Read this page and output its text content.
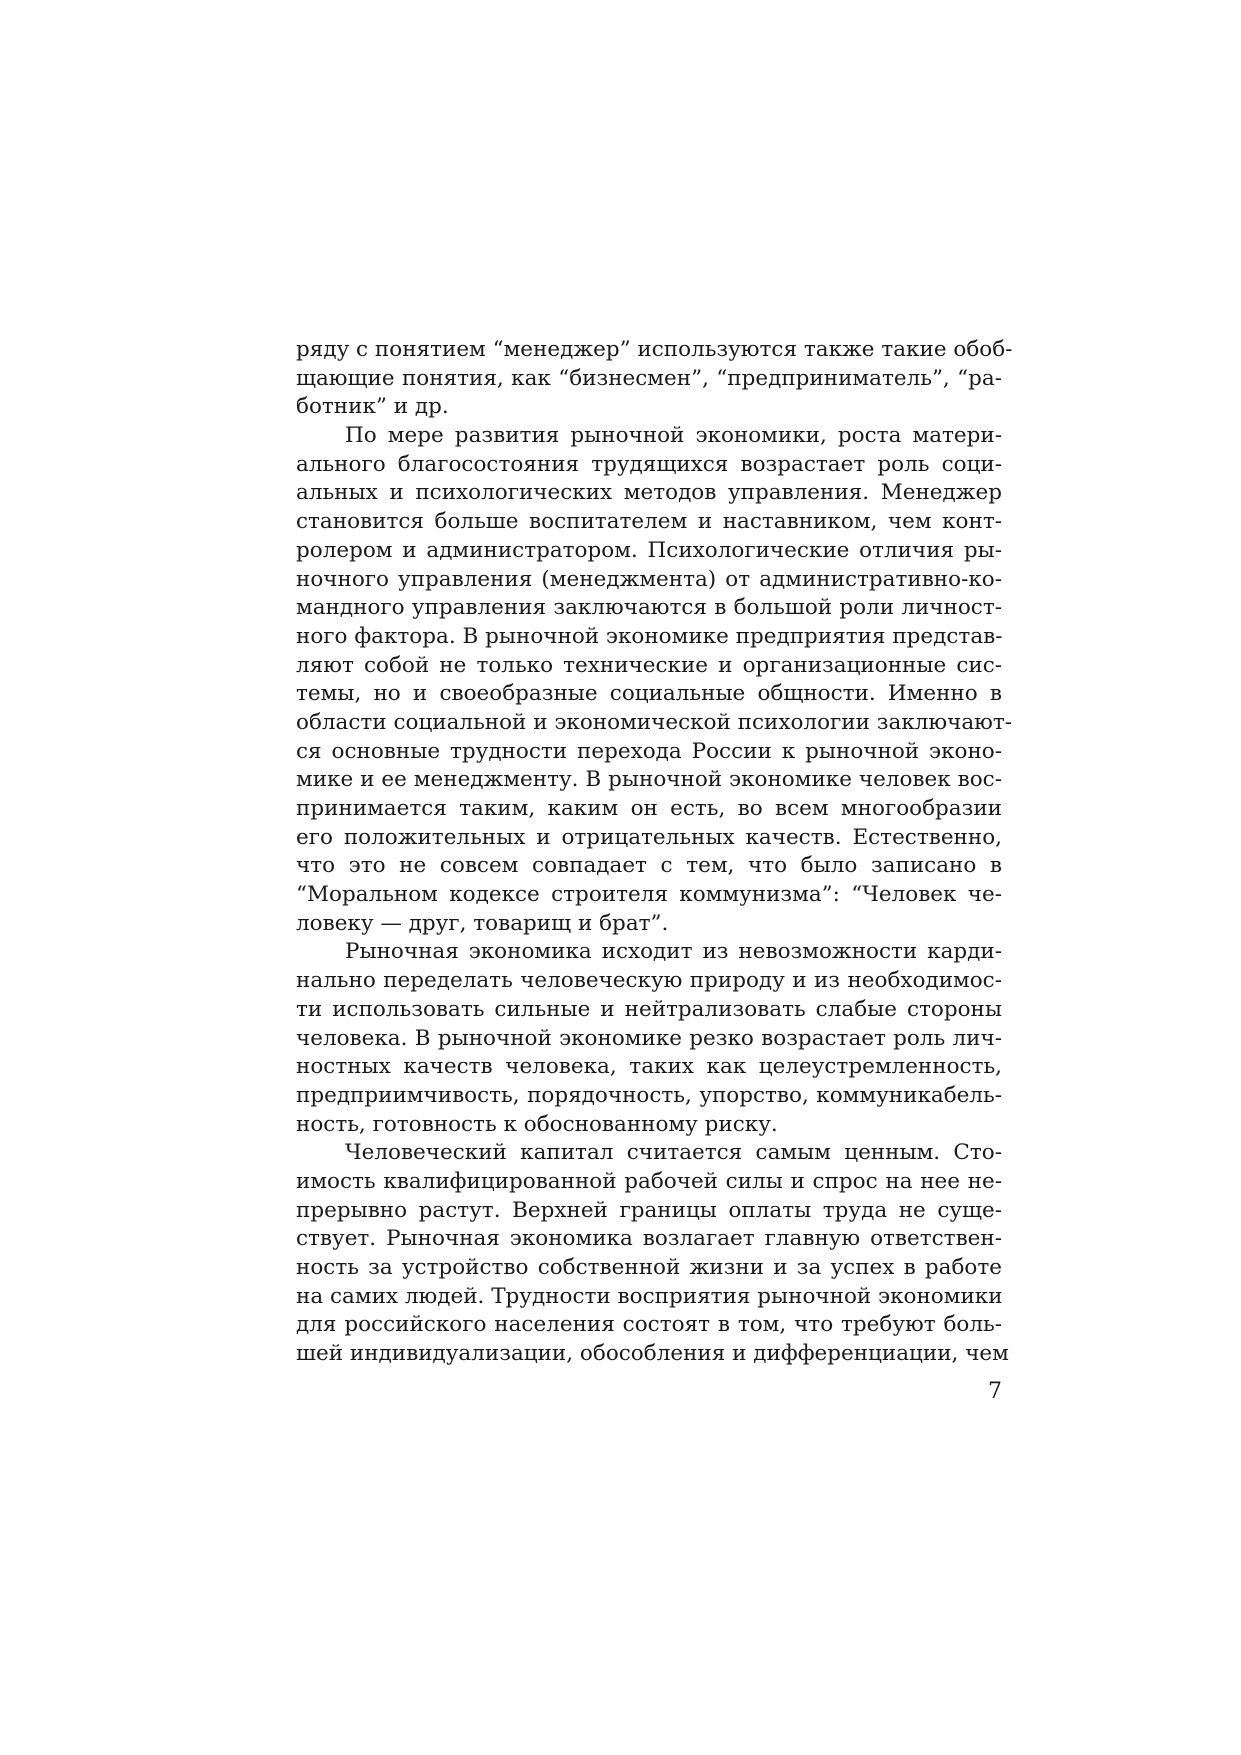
ряду с понятием “менеджер” используются также такие обоб-
щающие понятия, как “бизнесмен”, “предприниматель”, “ра-
ботник” и др.
По мере развития рыночной экономики, роста матери-
ального благосостояния трудящихся возрастает роль соци-
альных и психологических методов управления. Менеджер
становится больше воспитателем и наставником, чем конт-
ролером и администратором. Психологические отличия ры-
ночного управления (менеджмента) от административно-ко-
мандного управления заключаются в большой роли личност-
ного фактора. В рыночной экономике предприятия представ-
ляют собой не только технические и организационные сис-
темы, но и своеобразные социальные общности. Именно в
области социальной и экономической психологии заключают-
ся основные трудности перехода России к рыночной эконо-
мике и ее менеджменту. В рыночной экономике человек вос-
принимается таким, каким он есть, во всем многообразии
его положительных и отрицательных качеств. Естественно,
что это не совсем совпадает с тем, что было записано в
“Моральном кодексе строителя коммунизма”: “Человек че-
ловеку — друг, товарищ и брат”.
Рыночная экономика исходит из невозможности карди-
нально переделать человеческую природу и из необходимос-
ти использовать сильные и нейтрализовать слабые стороны
человека. В рыночной экономике резко возрастает роль лич-
ностных качеств человека, таких как целеустремленность,
предприимчивость, порядочность, упорство, коммуникабель-
ность, готовность к обоснованному риску.
Человеческий капитал считается самым ценным. Сто-
имость квалифицированной рабочей силы и спрос на нее не-
прерывно растут. Верхней границы оплаты труда не суще-
ствует. Рыночная экономика возлагает главную ответствен-
ность за устройство собственной жизни и за успех в работе
на самих людей. Трудности восприятия рыночной экономики
для российского населения состоят в том, что требуют боль-
шей индивидуализации, обособления и дифференциации, чем
7
